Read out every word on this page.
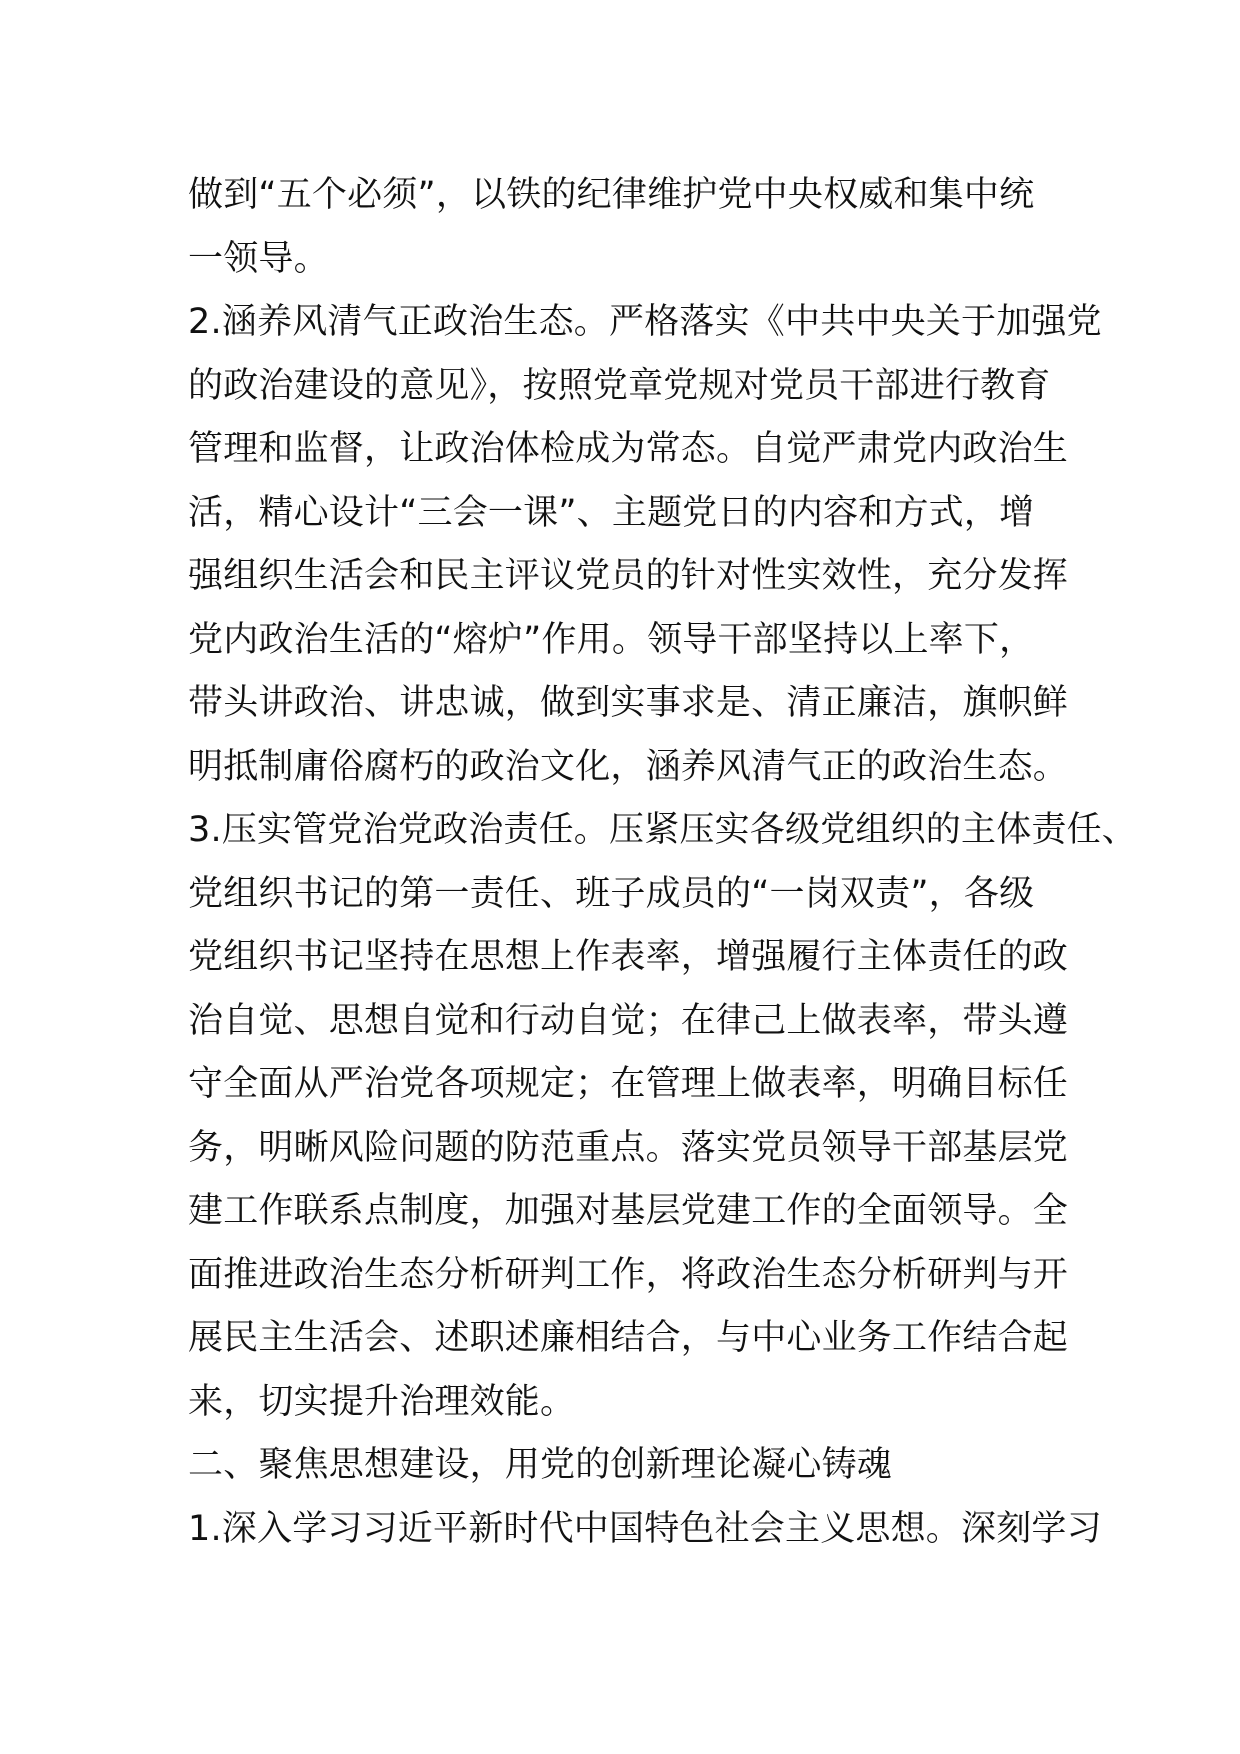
做到“五个必须”，以铁的纪律维护党中央权威和集中统
一领导。
2.涵养风清气正政治生态。严格落实《中共中央关于加强党
的政治建设的意见》，按照党章党规对党员干部进行教育
管理和监督，让政治体检成为常态。自觉严肃党内政治生
活，精心设计“三会一课”、主题党日的内容和方式，增
强组织生活会和民主评议党员的针对性实效性，充分发挥
党内政治生活的“熔炉”作用。领导干部坚持以上率下，
带头讲政治、讲忠诚，做到实事求是、清正廉洁，旗帜鲜
明抵制庸俗腐朽的政治文化，涵养风清气正的政治生态。
3.压实管党治党政治责任。压紧压实各级党组织的主体责任、
党组织书记的第一责任、班子成员的“一岗双责”，各级
党组织书记坚持在思想上作表率，增强履行主体责任的政
治自觉、思想自觉和行动自觉；在律己上做表率，带头遵
守全面从严治党各项规定；在管理上做表率，明确目标任
务，明晰风险问题的防范重点。落实党员领导干部基层党
建工作联系点制度，加强对基层党建工作的全面领导。全
面推进政治生态分析研判工作，将政治生态分析研判与开
展民主生活会、述职述廉相结合，与中心业务工作结合起
来，切实提升治理效能。
二、聚焦思想建设，用党的创新理论凝心铸魂
1.深入学习习近平新时代中国特色社会主义思想。深刻学习
